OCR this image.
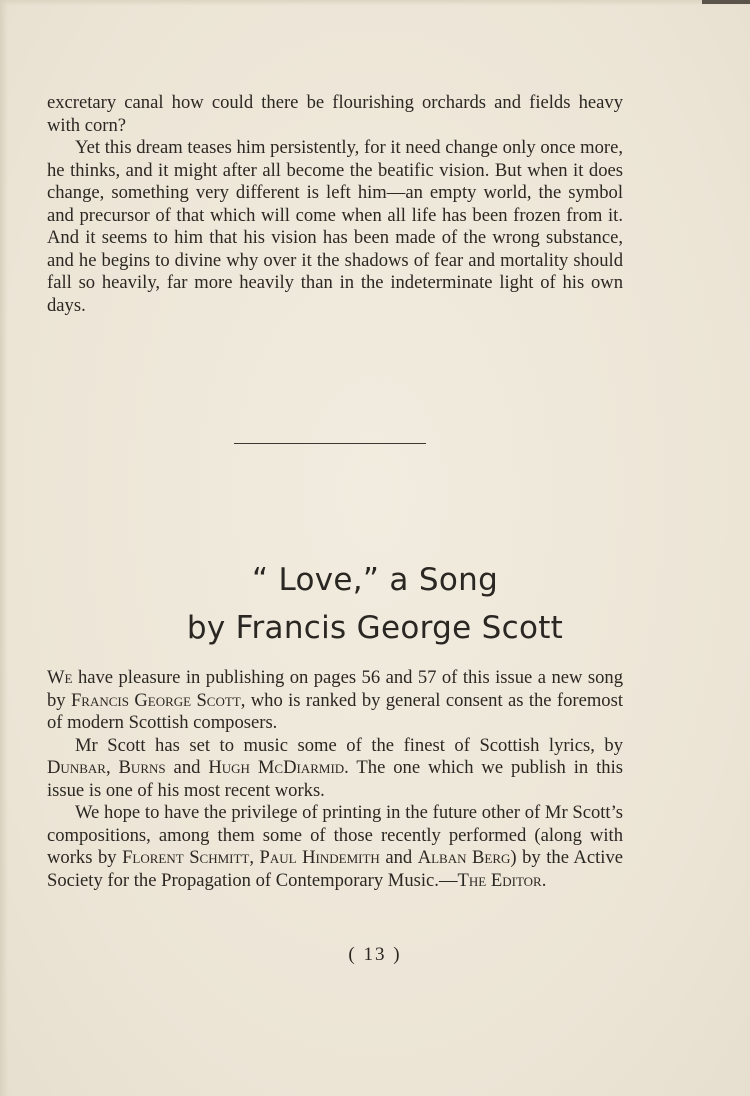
excretary canal how could there be flourishing orchards and fields heavy with corn?

Yet this dream teases him persistently, for it need change only once more, he thinks, and it might after all become the beatific vision. But when it does change, something very different is left him—an empty world, the symbol and precursor of that which will come when all life has been frozen from it. And it seems to him that his vision has been made of the wrong substance, and he begins to divine why over it the shadows of fear and mortality should fall so heavily, far more heavily than in the indeterminate light of his own days.

“ Love,” a Song
by Francis George Scott

We have pleasure in publishing on pages 56 and 57 of this issue a new song by Francis George Scott, who is ranked by general consent as the foremost of modern Scottish composers.

Mr Scott has set to music some of the finest of Scottish lyrics, by Dunbar, Burns and Hugh McDiarmid. The one which we publish in this issue is one of his most recent works.

We hope to have the privilege of printing in the future other of Mr Scott’s compositions, among them some of those recently performed (along with works by Florent Schmitt, Paul Hindemith and Alban Berg) by the Active Society for the Propagation of Contemporary Music.—The Editor.

( 13 )
